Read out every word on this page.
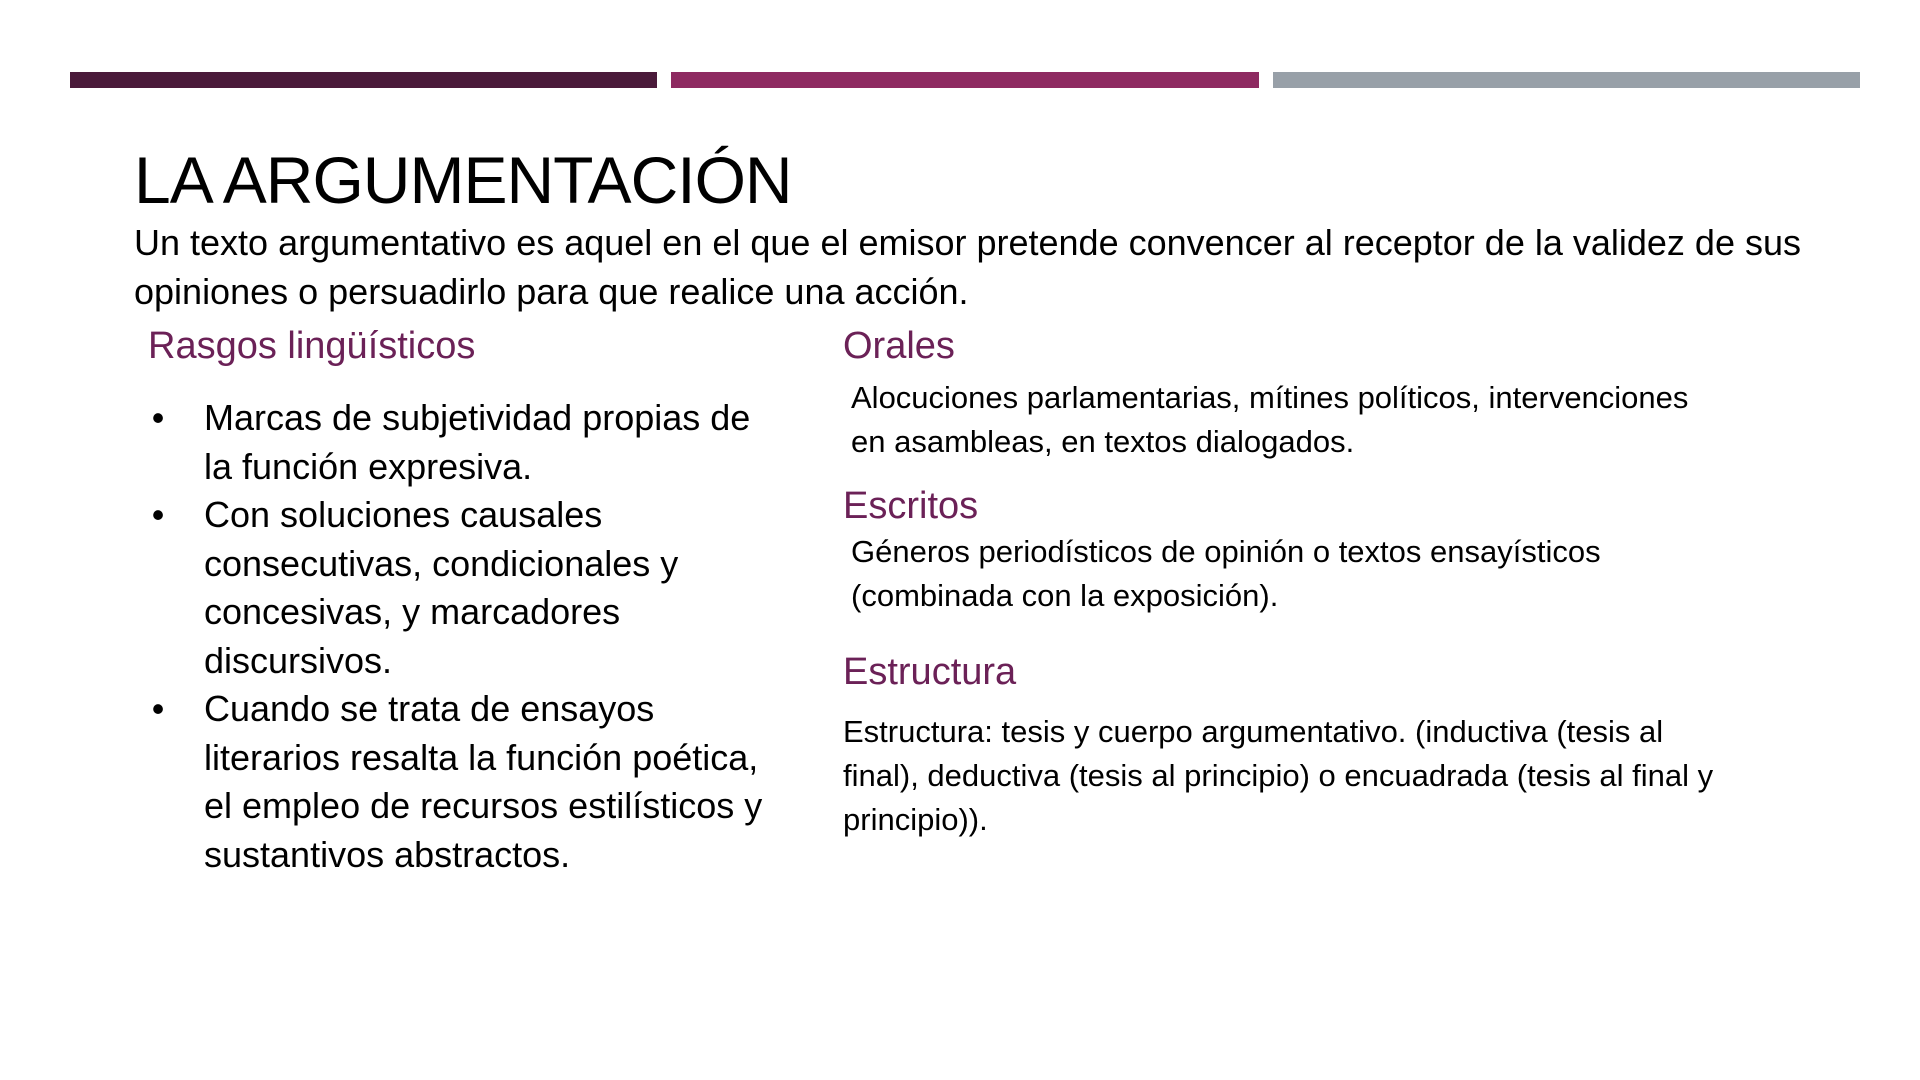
LA ARGUMENTACIÓN

Un texto argumentativo es aquel en el que el emisor pretende convencer al receptor de la validez de sus opiniones o persuadirlo para que realice una acción.

Rasgos lingüísticos
• Marcas de subjetividad propias de la función expresiva.
• Con soluciones causales consecutivas, condicionales y concesivas, y marcadores discursivos.
• Cuando se trata de ensayos literarios resalta la función poética, el empleo de recursos estilísticos y sustantivos abstractos.
Orales

Alocuciones parlamentarias, mítines políticos, intervenciones en asambleas, en textos dialogados.

Escritos

Géneros periodísticos de opinión o textos ensayísticos (combinada con la exposición).

Estructura

Estructura: tesis y cuerpo argumentativo. (inductiva (tesis al final), deductiva (tesis al principio) o encuadrada (tesis al final y principio)).
